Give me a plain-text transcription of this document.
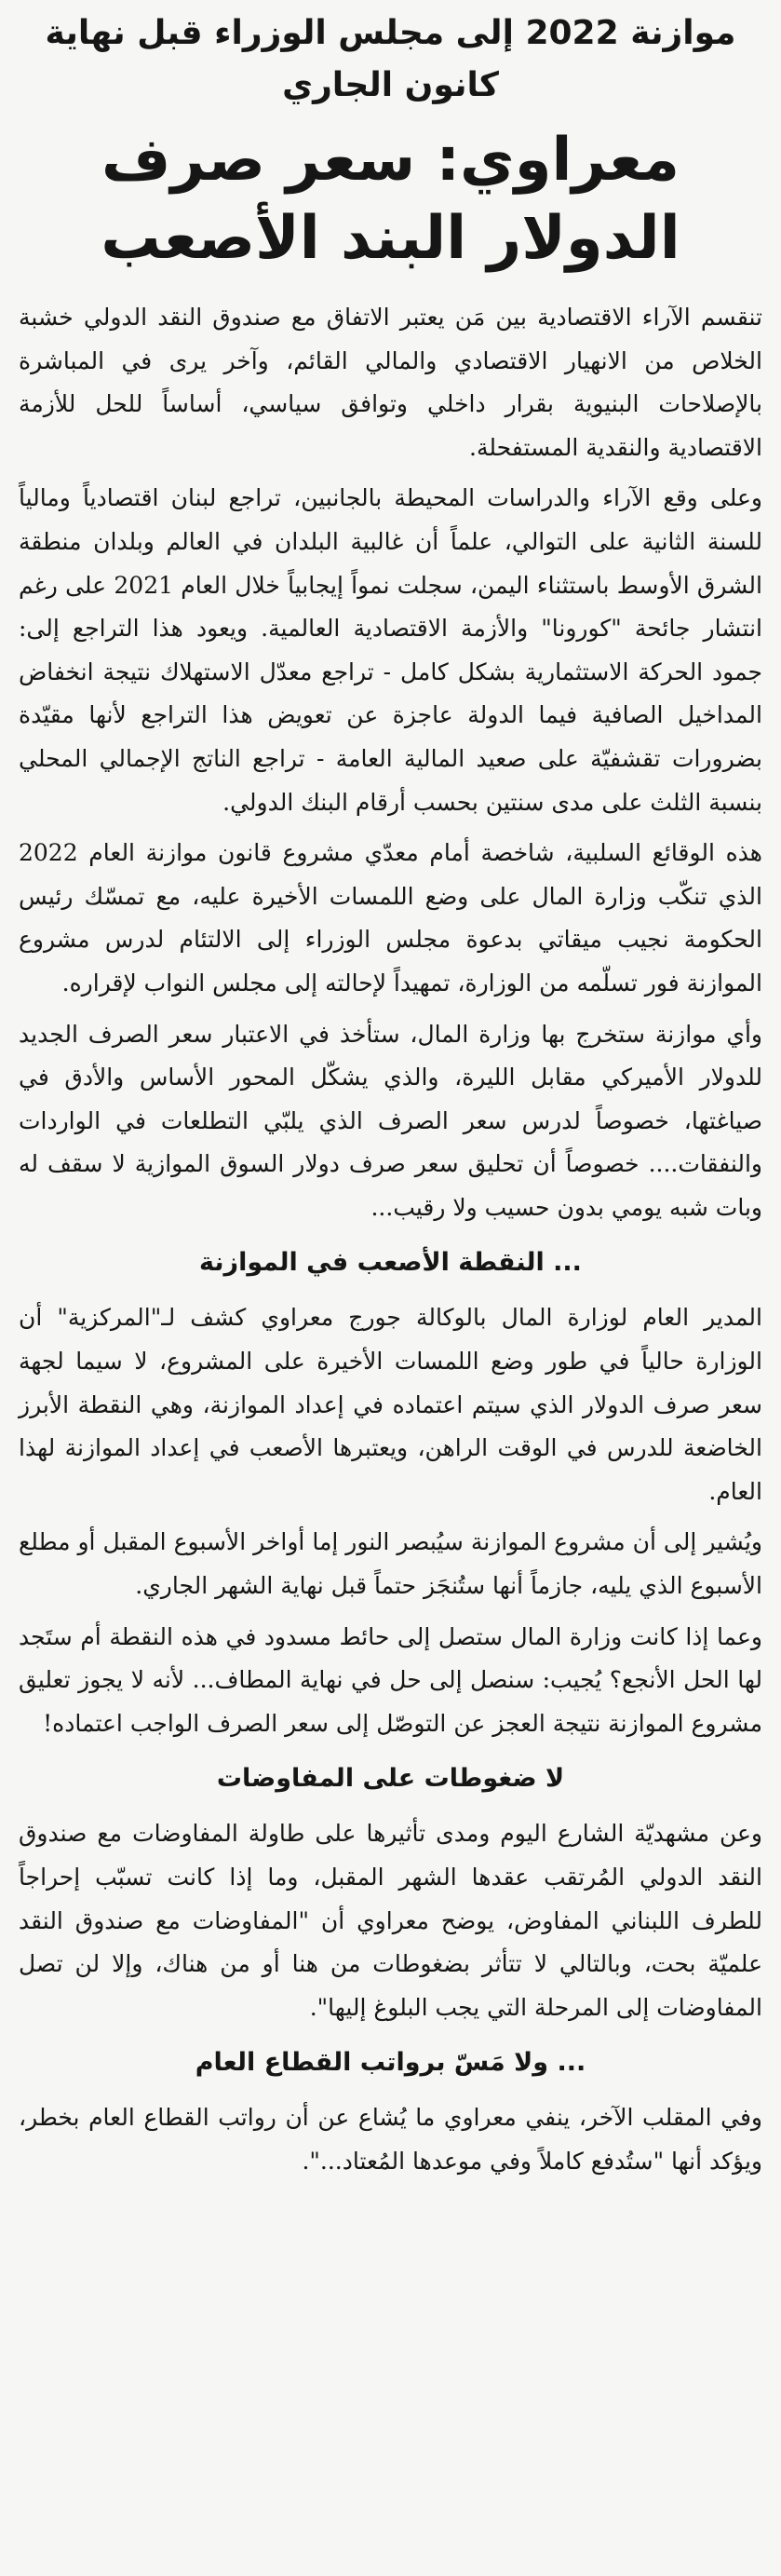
موازنة 2022 إلى مجلس الوزراء قبل نهاية كانون الجاري
معراوي: سعر صرف
الدولار البند الأصعب

تنقسم الآراء الاقتصادية بين مَن يعتبر الاتفاق مع صندوق النقد الدولي خشبة الخلاص من الانهيار الاقتصادي والمالي القائم، وآخر يرى في المباشرة بالإصلاحات البنيوية بقرار داخلي وتوافق سياسي، أساساً للحل للأزمة الاقتصادية والنقدية المستفحلة.

وعلى وقع الآراء والدراسات المحيطة بالجانبين، تراجع لبنان اقتصادياً ومالياً للسنة الثانية على التوالي، علماً أن غالبية البلدان في العالم وبلدان منطقة الشرق الأوسط باستثناء اليمن، سجلت نمواً إيجابياً خلال العام 2021 على رغم انتشار جائحة "كورونا" والأزمة الاقتصادية العالمية. ويعود هذا التراجع إلى: جمود الحركة الاستثمارية بشكل كامل - تراجع معدّل الاستهلاك نتيجة انخفاض المداخيل الصافية فيما الدولة عاجزة عن تعويض هذا التراجع لأنها مقيّدة بضرورات تقشفيّة على صعيد المالية العامة - تراجع الناتج الإجمالي المحلي بنسبة الثلث على مدى سنتين بحسب أرقام البنك الدولي.

هذه الوقائع السلبية، شاخصة أمام معدّي مشروع قانون موازنة العام 2022 الذي تنكّب وزارة المال على وضع اللمسات الأخيرة عليه، مع تمسّك رئيس الحكومة نجيب ميقاتي بدعوة مجلس الوزراء إلى الالتئام لدرس مشروع الموازنة فور تسلّمه من الوزارة، تمهيداً لإحالته إلى مجلس النواب لإقراره.

وأي موازنة ستخرج بها وزارة المال، ستأخذ في الاعتبار سعر الصرف الجديد للدولار الأميركي مقابل الليرة، والذي يشكّل المحور الأساس والأدق في صياغتها، خصوصاً لدرس سعر الصرف الذي يلبّي التطلعات في الواردات والنفقات.... خصوصاً أن تحليق سعر صرف دولار السوق الموازية لا سقف له وبات شبه يومي بدون حسيب ولا رقيب...

... النقطة الأصعب في الموازنة

المدير العام لوزارة المال بالوكالة جورج معراوي كشف لـ"المركزية" أن الوزارة حالياً في طور وضع اللمسات الأخيرة على المشروع، لا سيما لجهة سعر صرف الدولار الذي سيتم اعتماده في إعداد الموازنة، وهي النقطة الأبرز الخاضعة للدرس في الوقت الراهن، ويعتبرها الأصعب في إعداد الموازنة لهذا العام.

ويُشير إلى أن مشروع الموازنة سيُبصر النور إما أواخر الأسبوع المقبل أو مطلع الأسبوع الذي يليه، جازماً أنها ستُنجَز حتماً قبل نهاية الشهر الجاري.

وعما إذا كانت وزارة المال ستصل إلى حائط مسدود في هذه النقطة أم ستَجد لها الحل الأنجع؟ يُجيب: سنصل إلى حل في نهاية المطاف... لأنه لا يجوز تعليق مشروع الموازنة نتيجة العجز عن التوصّل إلى سعر الصرف الواجب اعتماده!

لا ضغوطات على المفاوضات

وعن مشهديّة الشارع اليوم ومدى تأثيرها على طاولة المفاوضات مع صندوق النقد الدولي المُرتقب عقدها الشهر المقبل، وما إذا كانت تسبّب إحراجاً للطرف اللبناني المفاوض، يوضح معراوي أن "المفاوضات مع صندوق النقد علميّة بحت، وبالتالي لا تتأثر بضغوطات من هنا أو من هناك، وإلا لن تصل المفاوضات إلى المرحلة التي يجب البلوغ إليها".

... ولا مَسّ برواتب القطاع العام

وفي المقلب الآخر، ينفي معراوي ما يُشاع عن أن رواتب القطاع العام بخطر، ويؤكد أنها "ستُدفع كاملاً وفي موعدها المُعتاد...".
